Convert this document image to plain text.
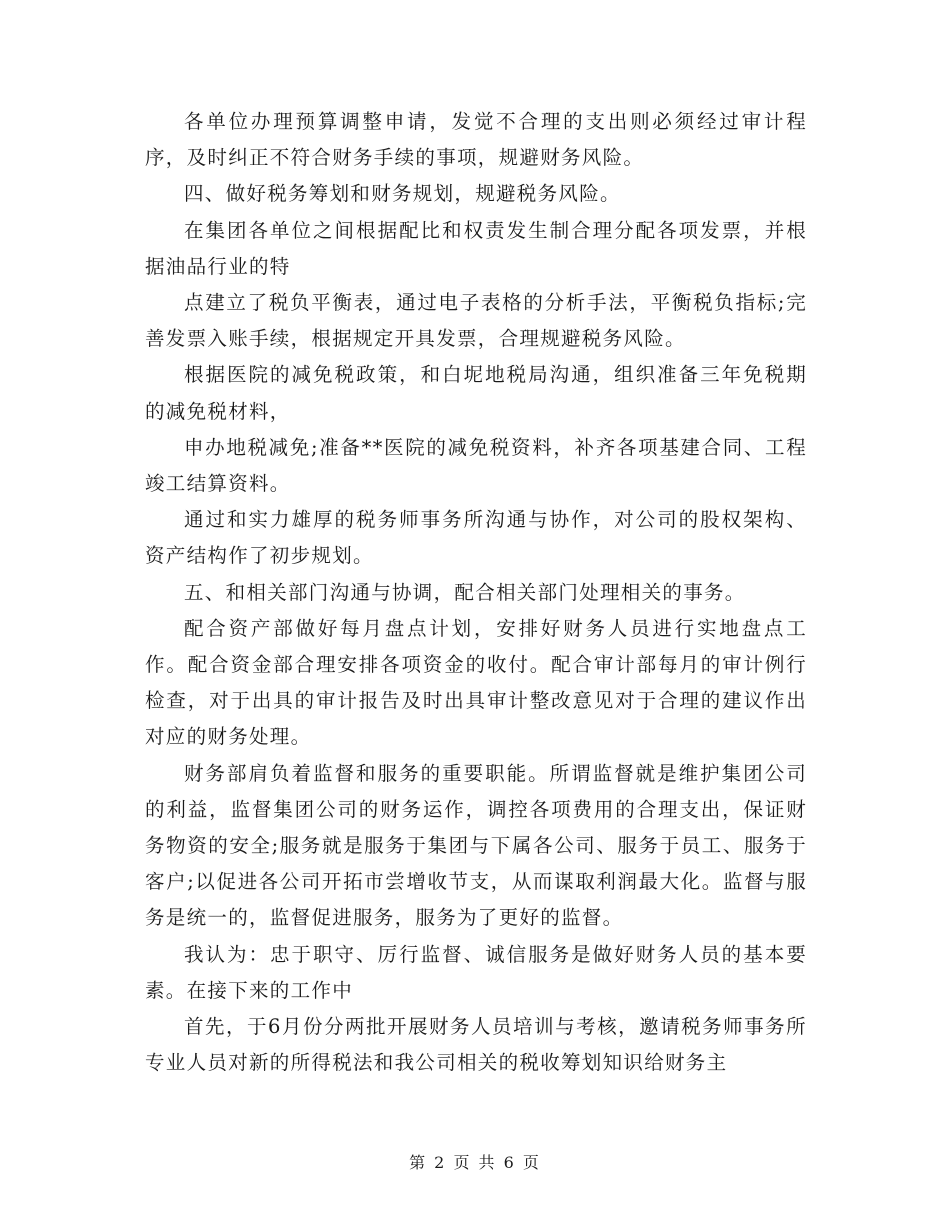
各单位办理预算调整申请，发觉不合理的支出则必须经过审计程序，及时纠正不符合财务手续的事项，规避财务风险。

四、做好税务筹划和财务规划，规避税务风险。

在集团各单位之间根据配比和权责发生制合理分配各项发票，并根据油品行业的特

点建立了税负平衡表，通过电子表格的分析手法，平衡税负指标;完善发票入账手续，根据规定开具发票，合理规避税务风险。

根据医院的减免税政策，和白坭地税局沟通，组织准备三年免税期的减免税材料，

申办地税减免;准备**医院的减免税资料，补齐各项基建合同、工程竣工结算资料。

通过和实力雄厚的税务师事务所沟通与协作，对公司的股权架构、资产结构作了初步规划。

五、和相关部门沟通与协调，配合相关部门处理相关的事务。

配合资产部做好每月盘点计划，安排好财务人员进行实地盘点工作。配合资金部合理安排各项资金的收付。配合审计部每月的审计例行检查，对于出具的审计报告及时出具审计整改意见对于合理的建议作出对应的财务处理。

财务部肩负着监督和服务的重要职能。所谓监督就是维护集团公司的利益，监督集团公司的财务运作，调控各项费用的合理支出，保证财务物资的安全;服务就是服务于集团与下属各公司、服务于员工、服务于客户;以促进各公司开拓市尝增收节支，从而谋取利润最大化。监督与服务是统一的，监督促进服务，服务为了更好的监督。

我认为：忠于职守、厉行监督、诚信服务是做好财务人员的基本要素。在接下来的工作中

首先，于6月份分两批开展财务人员培训与考核，邀请税务师事务所专业人员对新的所得税法和我公司相关的税收筹划知识给财务主

第 2 页 共 6 页
